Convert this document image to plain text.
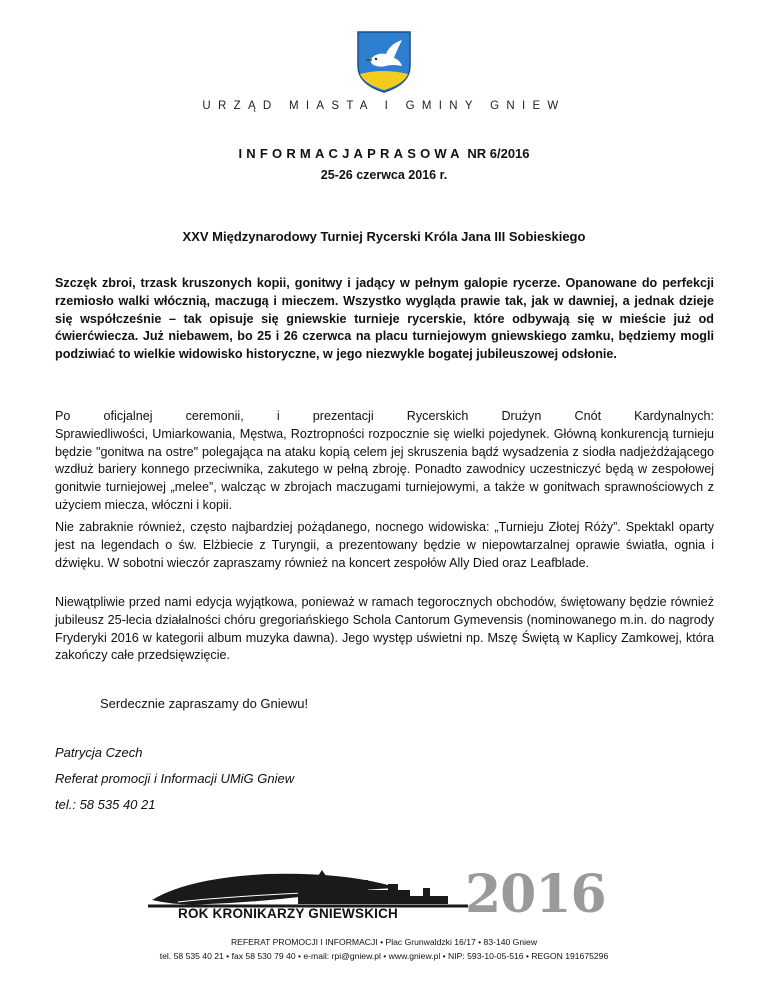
URZĄD MIASTA I GMINY GNIEW
INFORMACJAPRASOWA NR 6/2016
25-26 czerwca 2016 r.
XXV Międzynarodowy Turniej Rycerski Króla Jana III Sobieskiego

Szczęk zbroi, trzask kruszonych kopii, gonitwy i jadący w pełnym galopie rycerze. Opanowane do perfekcji rzemiosło walki włócznią, maczugą i mieczem. Wszystko wygląda prawie tak, jak w dawniej, a jednak dzieje się współcześnie – tak opisuje się gniewskie turnieje rycerskie, które odbywają się w mieście już od ćwierćwiecza. Już niebawem, bo 25 i 26 czerwca na placu turniejowym gniewskiego zamku, będziemy mogli podziwiać to wielkie widowisko historyczne, w jego niezwykle bogatej jubileuszowej odsłonie.

Po oficjalnej ceremonii, i prezentacji Rycerskich Drużyn Cnót Kardynalnych:
Sprawiedliwości, Umiarkowania, Męstwa, Roztropności rozpocznie się wielki pojedynek. Główną konkurencją turnieju będzie "gonitwa na ostre" polegająca na ataku kopią celem jej skruszenia bądź wysadzenia z siodła nadjeżdżającego wzdłuż bariery konnego przeciwnika, zakutego w pełną zbroję. Ponadto zawodnicy uczestniczyć będą w zespołowej gonitwie turniejowej „melee”, walcząc w zbrojach maczugami turniejowymi, a także w gonitwach sprawnościowych z użyciem miecza, włóczni i kopii.

Nie zabraknie również, często najbardziej pożądanego, nocnego widowiska: „Turnieju Złotej Róży”. Spektakl oparty jest na legendach o św. Elżbiecie z Turyngii, a prezentowany będzie w niepowtarzalnej oprawie światła, ognia i dźwięku. W sobotni wieczór zapraszamy również na koncert zespołów Ally Died oraz Leafblade.

Niewątpliwie przed nami edycja wyjątkowa, ponieważ w ramach tegorocznych obchodów, świętowany będzie również jubileusz 25-lecia działalności chóru gregoriańskiego Schola Cantorum Gymevensis (nominowanego m.in. do nagrody Fryderyki 2016 w kategorii album muzyka dawna). Jego występ uświetni np. Mszę Świętą w Kaplicy Zamkowej, która zakończy całe przedsięwzięcie.

Serdecznie zapraszamy do Gniewu!
Patrycja Czech
Referat promocji i Informacji UMiG Gniew
tel.: 58 535 40 21
ROK KRONIKARZY GNIEWSKICH 2016
REFERAT PROMOCJI I INFORMACJI • Plac Grunwaldzki 16/17 • 83-140 Gniew
tel. 58 535 40 21 • fax 58 530 79 40 • e-mail: rpi@gniew.pl • www.gniew.pl • NIP: 593-10-05-516 • REGON 191675296
